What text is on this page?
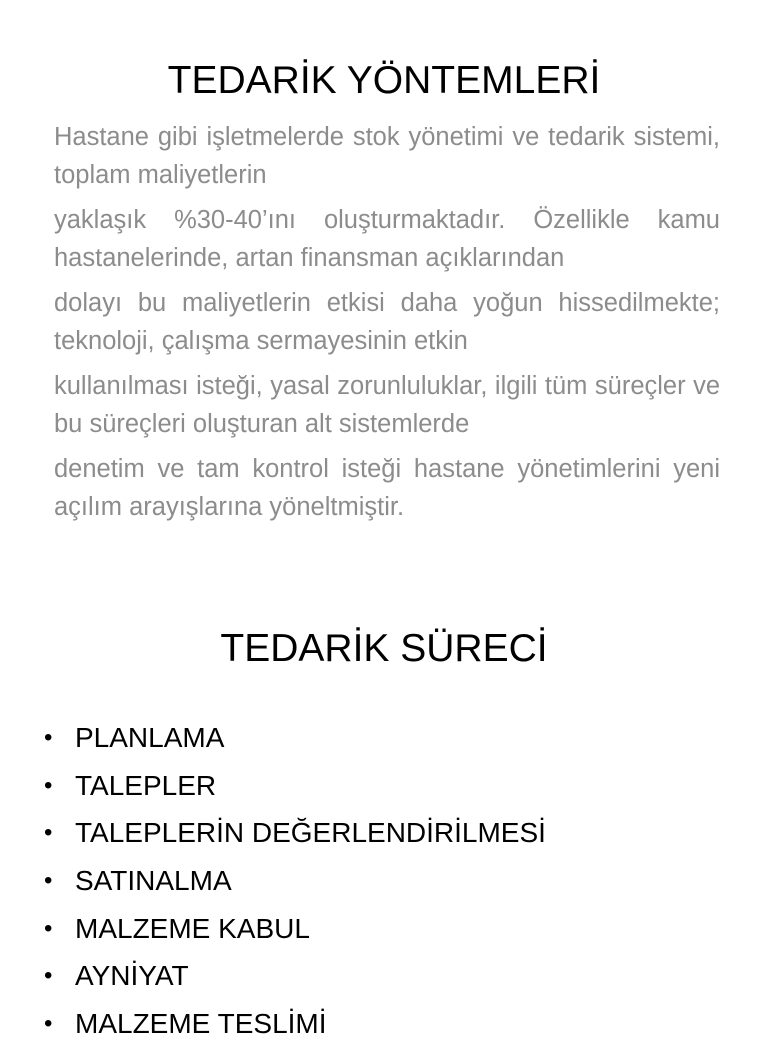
TEDARİK YÖNTEMLERİ

Hastane gibi işletmelerde stok yönetimi ve tedarik sistemi, toplam maliyetlerin

yaklaşık %30-40’ını oluşturmaktadır. Özellikle kamu hastanelerinde, artan finansman açıklarından

dolayı bu maliyetlerin etkisi daha yoğun hissedilmekte; teknoloji, çalışma sermayesinin etkin

kullanılması isteği, yasal zorunluluklar, ilgili tüm süreçler ve bu süreçleri oluşturan alt sistemlerde

denetim ve tam kontrol isteği hastane yönetimlerini yeni açılım arayışlarına yöneltmiştir.

TEDARİK SÜRECİ
• PLANLAMA
• TALEPLER
• TALEPLERİN DEĞERLENDİRİLMESİ
• SATINALMA
• MALZEME KABUL
• AYNİYAT
• MALZEME TESLİMİ
